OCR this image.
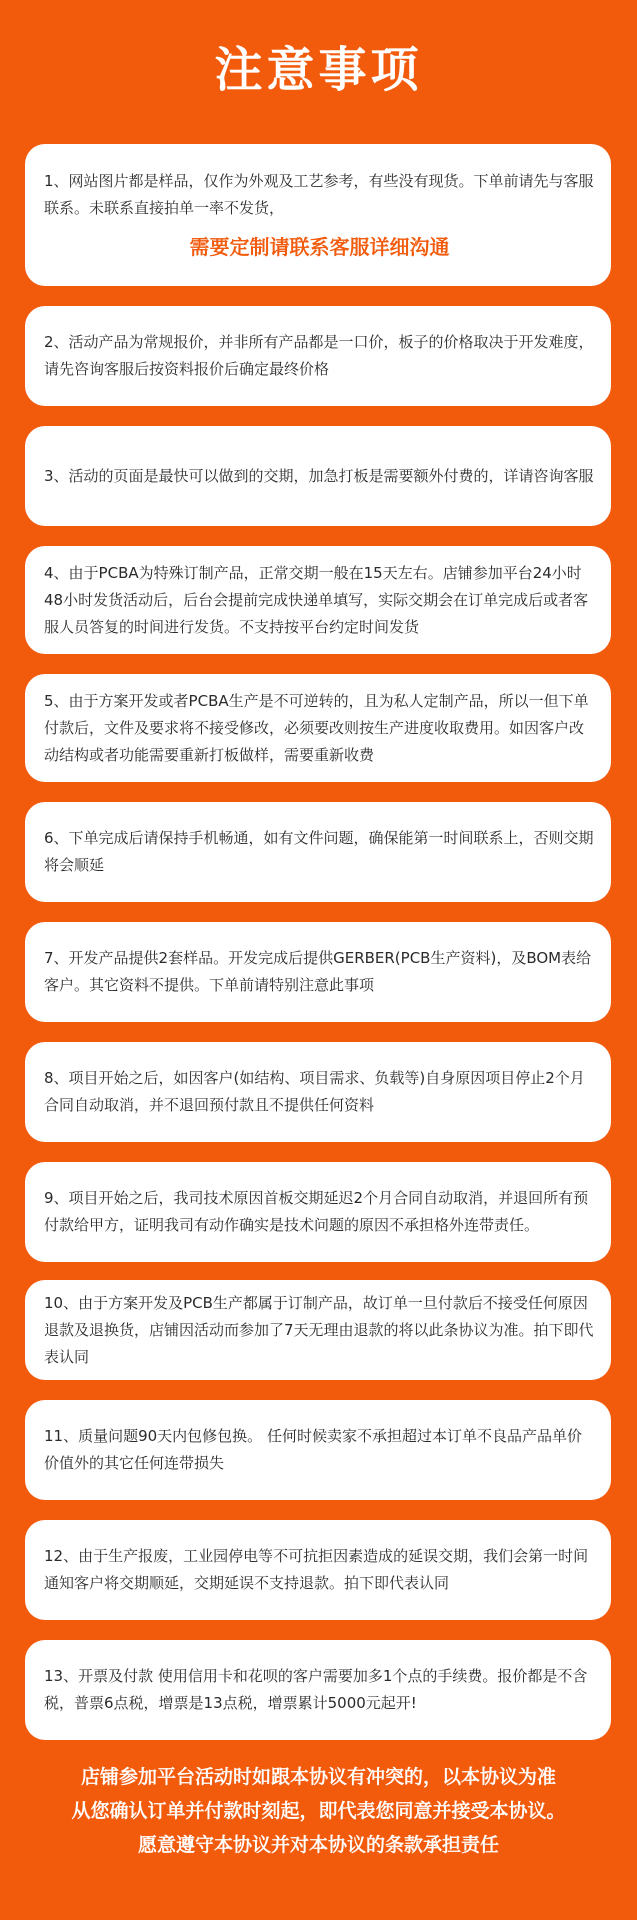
注意事项

1、网站图片都是样品，仅作为外观及工艺参考，有些没有现货。下单前请先与客服联系。未联系直接拍单一率不发货，

需要定制请联系客服详细沟通

2、活动产品为常规报价，并非所有产品都是一口价，板子的价格取决于开发难度，请先咨询客服后按资料报价后确定最终价格

3、活动的页面是最快可以做到的交期，加急打板是需要额外付费的，详请咨询客服

4、由于PCBA为特殊订制产品，正常交期一般在15天左右。店铺参加平台24小时48小时发货活动后，后台会提前完成快递单填写，实际交期会在订单完成后或者客服人员答复的时间进行发货。不支持按平台约定时间发货

5、由于方案开发或者PCBA生产是不可逆转的，且为私人定制产品，所以一但下单付款后，文件及要求将不接受修改，必须要改则按生产进度收取费用。如因客户改动结构或者功能需要重新打板做样，需要重新收费

6、下单完成后请保持手机畅通，如有文件问题，确保能第一时间联系上，否则交期将会顺延

7、开发产品提供2套样品。开发完成后提供GERBER(PCB生产资料)，及BOM表给客户。其它资料不提供。下单前请特别注意此事项

8、项目开始之后，如因客户(如结构、项目需求、负载等)自身原因项目停止2个月合同自动取消，并不退回预付款且不提供任何资料

9、项目开始之后，我司技术原因首板交期延迟2个月合同自动取消，并退回所有预付款给甲方，证明我司有动作确实是技术问题的原因不承担格外连带责任。

10、由于方案开发及PCB生产都属于订制产品，故订单一旦付款后不接受任何原因退款及退换货，店铺因活动而参加了7天无理由退款的将以此条协议为准。拍下即代表认同

11、质量问题90天内包修包换。 任何时候卖家不承担超过本订单不良品产品单价价值外的其它任何连带损失

12、由于生产报废，工业园停电等不可抗拒因素造成的延误交期，我们会第一时间通知客户将交期顺延，交期延误不支持退款。拍下即代表认同

13、开票及付款 使用信用卡和花呗的客户需要加多1个点的手续费。报价都是不含税，普票6点税，增票是13点税，增票累计5000元起开!

店铺参加平台活动时如跟本协议有冲突的，以本协议为准
从您确认订单并付款时刻起，即代表您同意并接受本协议。
愿意遵守本协议并对本协议的条款承担责任
